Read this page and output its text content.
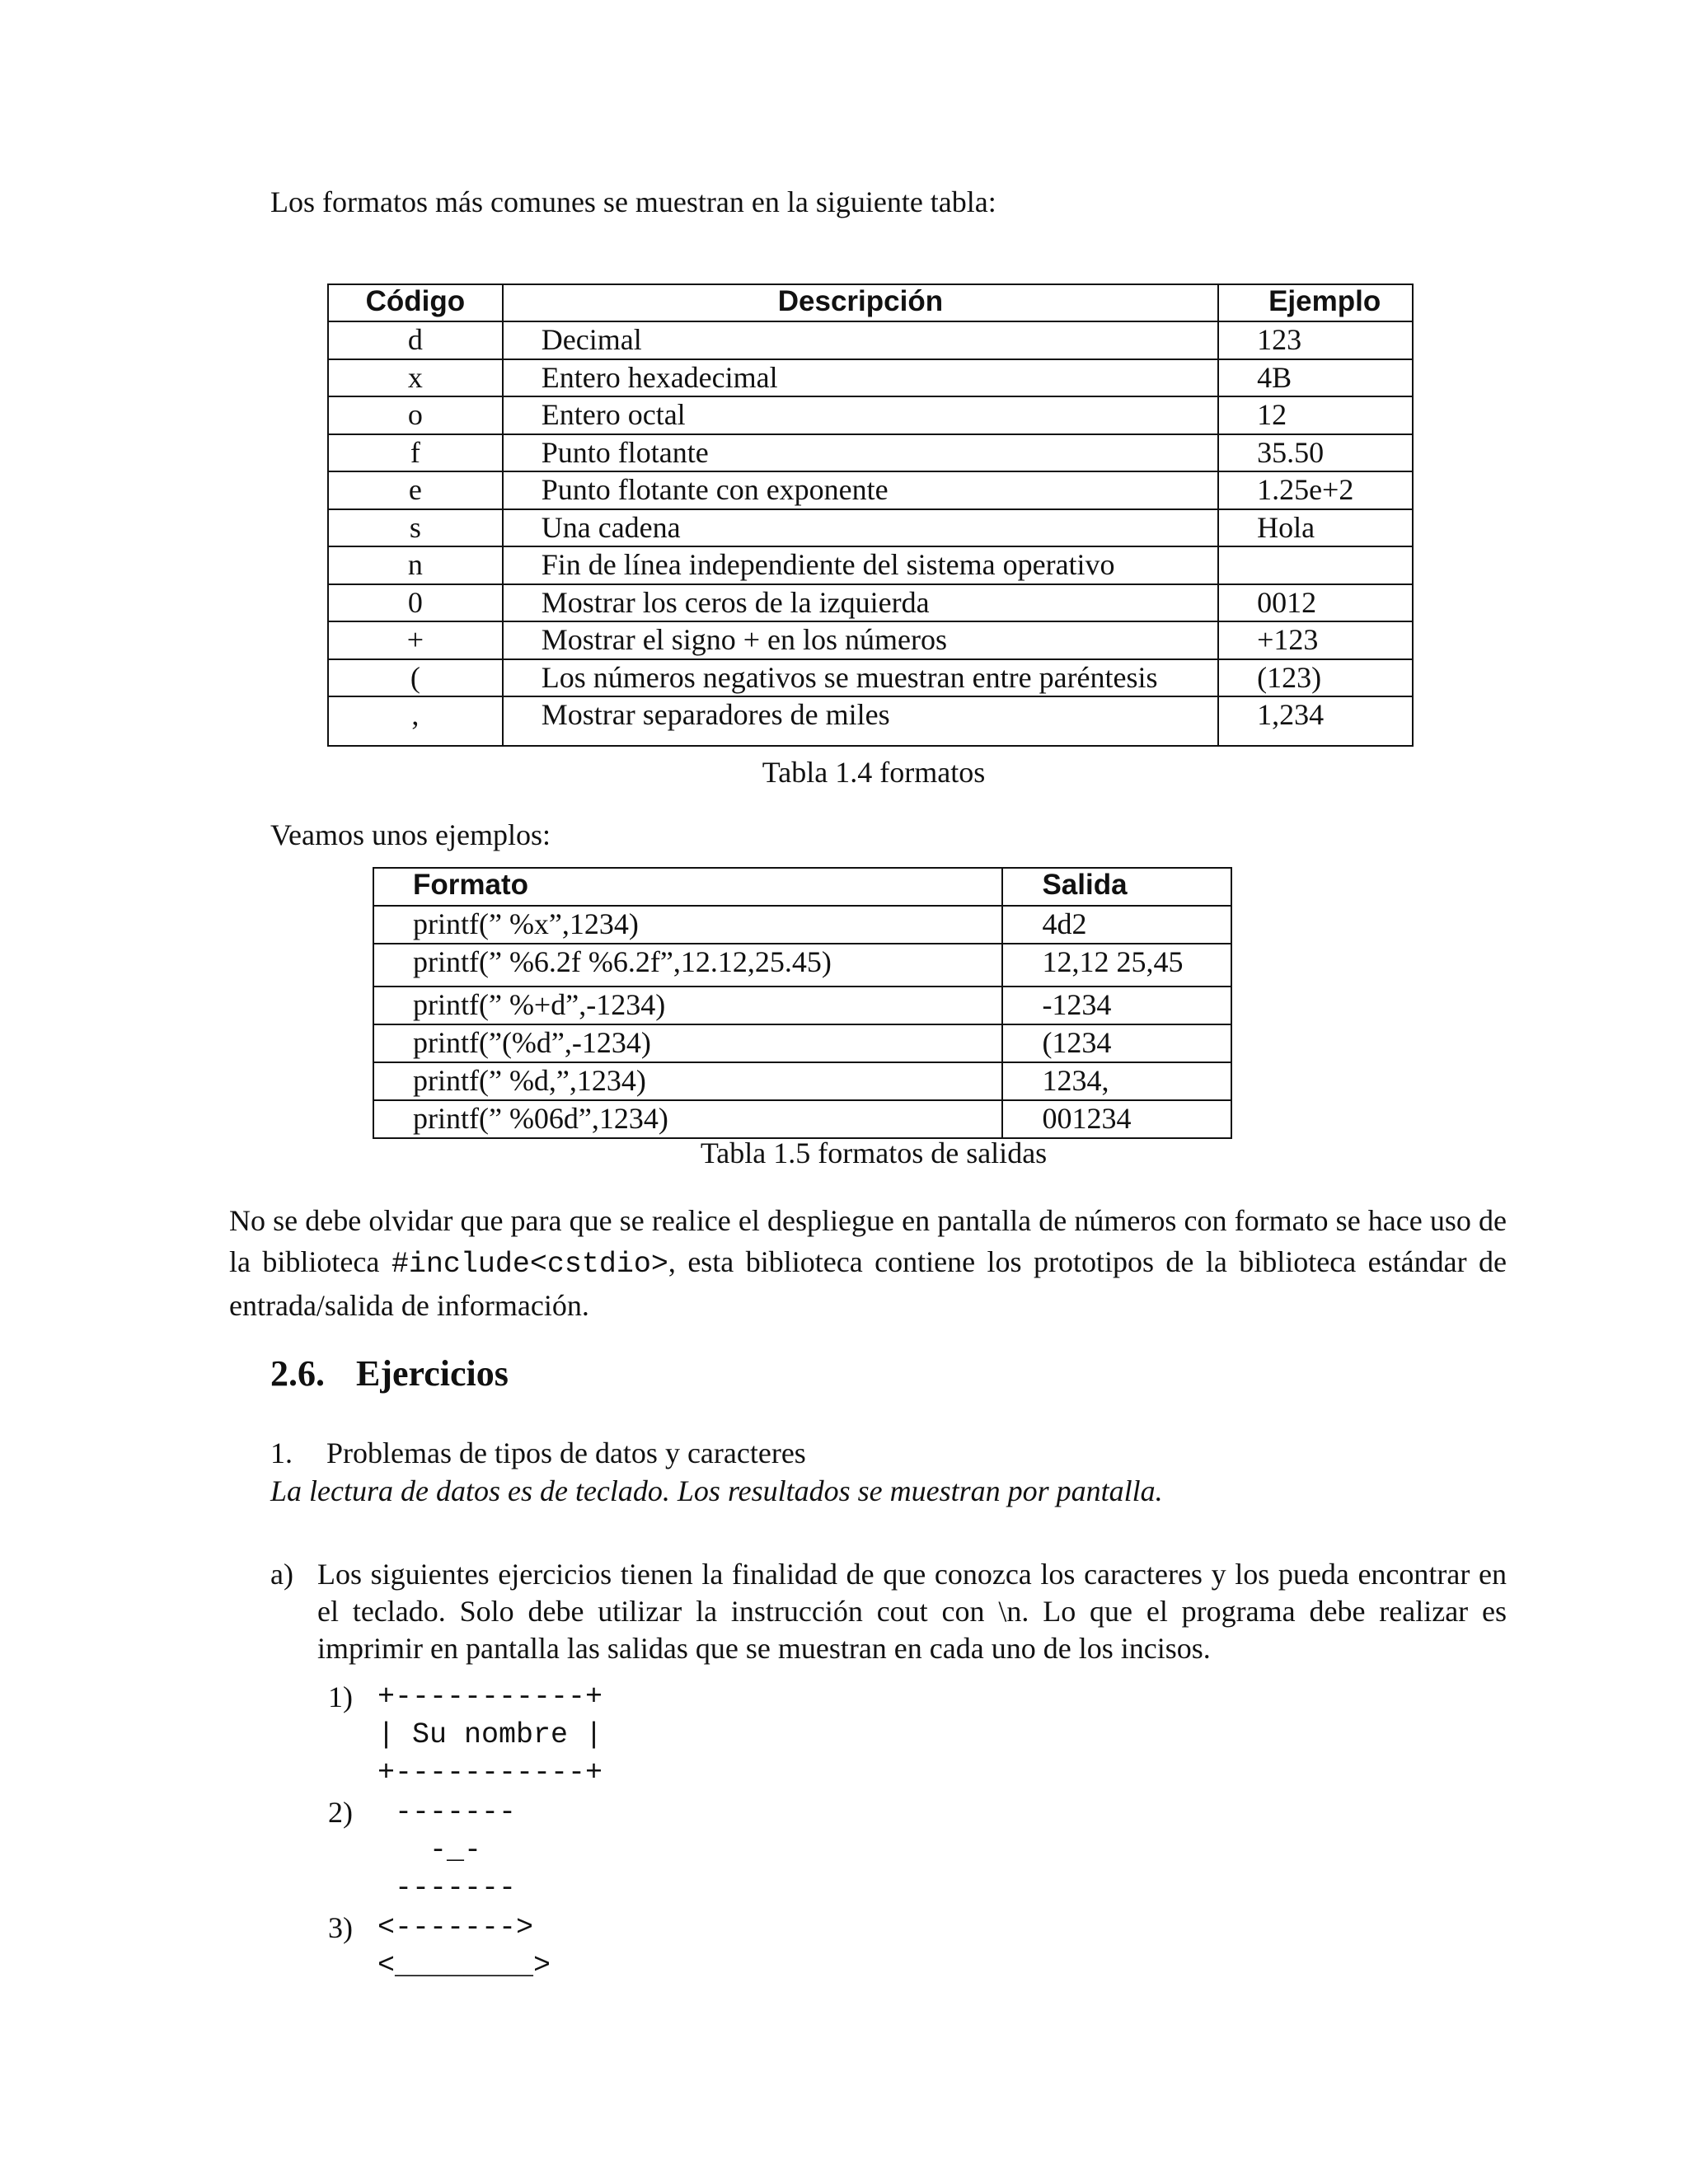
Los formatos más comunes se muestran en la siguiente tabla:
Código	Descripción	Ejemplo
d	Decimal	123
x	Entero hexadecimal	4B
o	Entero octal	12
f	Punto flotante	35.50
e	Punto flotante con exponente	1.25e+2
s	Una cadena	Hola
n	Fin de línea independiente del sistema operativo	
0	Mostrar los ceros de la izquierda	0012
+	Mostrar el signo + en los números	+123
(	Los números negativos se muestran entre paréntesis	(123)
,	Mostrar separadores de miles	1,234
Tabla 1.4 formatos
Veamos unos ejemplos:
Formato	Salida
printf(” %x”,1234)	4d2
printf(” %6.2f %6.2f”,12.12,25.45)	12,12 25,45
printf(” %+d”,-1234)	-1234
printf(”(%d”,-1234)	(1234
printf(” %d,”,1234)	1234,
printf(” %06d”,1234)	001234
Tabla 1.5 formatos de salidas
No se debe olvidar que para que se realice el despliegue en pantalla de números con formato se hace uso de la biblioteca #include<cstdio>, esta biblioteca contiene los prototipos de la biblioteca estándar de entrada/salida de información.
2.6. Ejercicios
1. Problemas de tipos de datos y caracteres
La lectura de datos es de teclado. Los resultados se muestran por pantalla.
a) Los siguientes ejercicios tienen la finalidad de que conozca los caracteres y los pueda encontrar en el teclado. Solo debe utilizar la instrucción cout con \n. Lo que el programa debe realizar es imprimir en pantalla las salidas que se muestran en cada uno de los incisos.
1) +-----------+
| Su nombre |
+-----------+
2) -------
-_-
-------
3) <------->
<________>
